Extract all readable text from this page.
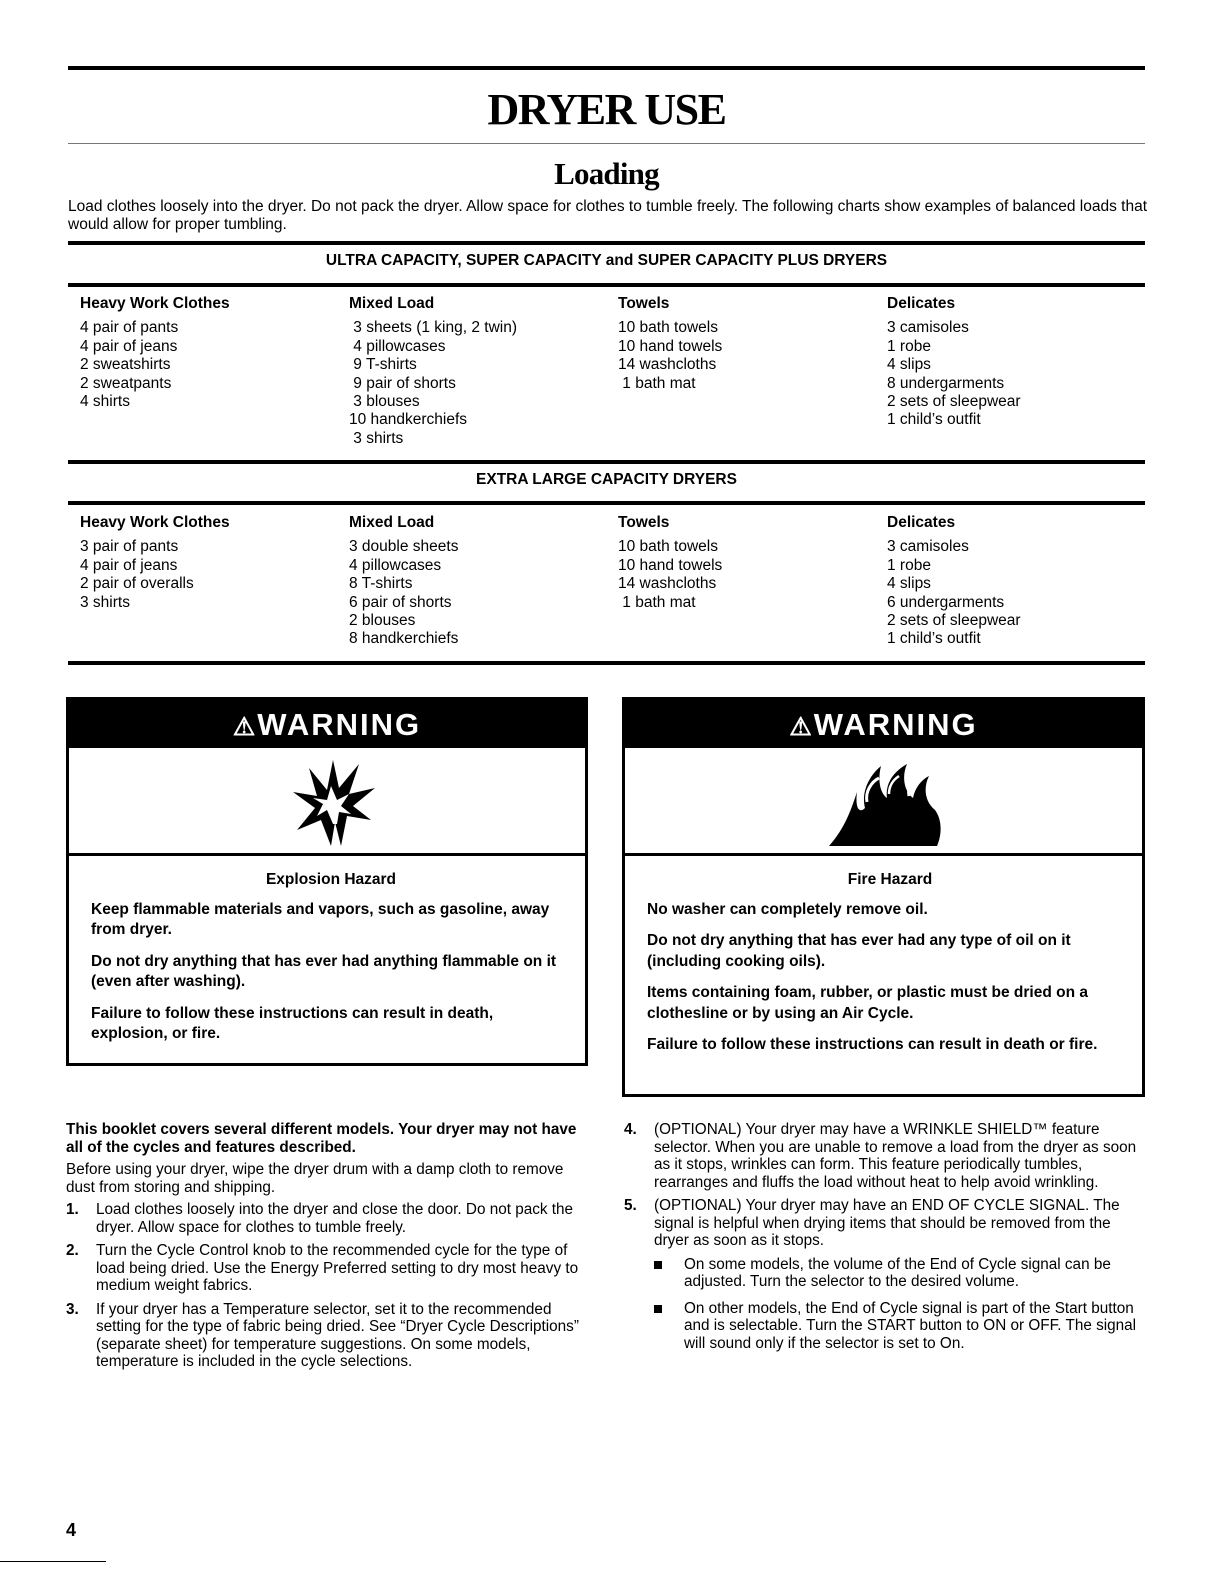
DRYER USE
Loading
Load clothes loosely into the dryer. Do not pack the dryer. Allow space for clothes to tumble freely. The following charts show examples of balanced loads that would allow for proper tumbling.
ULTRA CAPACITY, SUPER CAPACITY and SUPER CAPACITY PLUS DRYERS
Heavy Work Clothes
4 pair of pants
4 pair of jeans
2 sweatshirts
2 sweatpants
4 shirts
Mixed Load
3 sheets (1 king, 2 twin)
4 pillowcases
9 T-shirts
9 pair of shorts
3 blouses
10 handkerchiefs
3 shirts
Towels
10 bath towels
10 hand towels
14 washcloths
1 bath mat
Delicates
3 camisoles
1 robe
4 slips
8 undergarments
2 sets of sleepwear
1 child’s outfit
EXTRA LARGE CAPACITY DRYERS
Heavy Work Clothes
3 pair of pants
4 pair of jeans
2 pair of overalls
3 shirts
Mixed Load
3 double sheets
4 pillowcases
8 T-shirts
6 pair of shorts
2 blouses
8 handkerchiefs
Towels
10 bath towels
10 hand towels
14 washcloths
1 bath mat
Delicates
3 camisoles
1 robe
4 slips
6 undergarments
2 sets of sleepwear
1 child’s outfit
⚠WARNING
Explosion Hazard

Keep flammable materials and vapors, such as gasoline, away from dryer.

Do not dry anything that has ever had anything flammable on it (even after washing).

Failure to follow these instructions can result in death, explosion, or fire.

⚠WARNING
Fire Hazard

No washer can completely remove oil.

Do not dry anything that has ever had any type of oil on it (including cooking oils).

Items containing foam, rubber, or plastic must be dried on a clothesline or by using an Air Cycle.

Failure to follow these instructions can result in death or fire.

This booklet covers several different models. Your dryer may not have all of the cycles and features described.
Before using your dryer, wipe the dryer drum with a damp cloth to remove dust from storing and shipping.
1. Load clothes loosely into the dryer and close the door. Do not pack the dryer. Allow space for clothes to tumble freely.
2. Turn the Cycle Control knob to the recommended cycle for the type of load being dried. Use the Energy Preferred setting to dry most heavy to medium weight fabrics.
3. If your dryer has a Temperature selector, set it to the recommended setting for the type of fabric being dried. See “Dryer Cycle Descriptions” (separate sheet) for temperature suggestions. On some models, temperature is included in the cycle selections.
4. (OPTIONAL) Your dryer may have a WRINKLE SHIELD™ feature selector. When you are unable to remove a load from the dryer as soon as it stops, wrinkles can form. This feature periodically tumbles, rearranges and fluffs the load without heat to help avoid wrinkling.
5. (OPTIONAL) Your dryer may have an END OF CYCLE SIGNAL. The signal is helpful when drying items that should be removed from the dryer as soon as it stops.
On some models, the volume of the End of Cycle signal can be adjusted. Turn the selector to the desired volume.
On other models, the End of Cycle signal is part of the Start button and is selectable. Turn the START button to ON or OFF. The signal will sound only if the selector is set to On.
4
